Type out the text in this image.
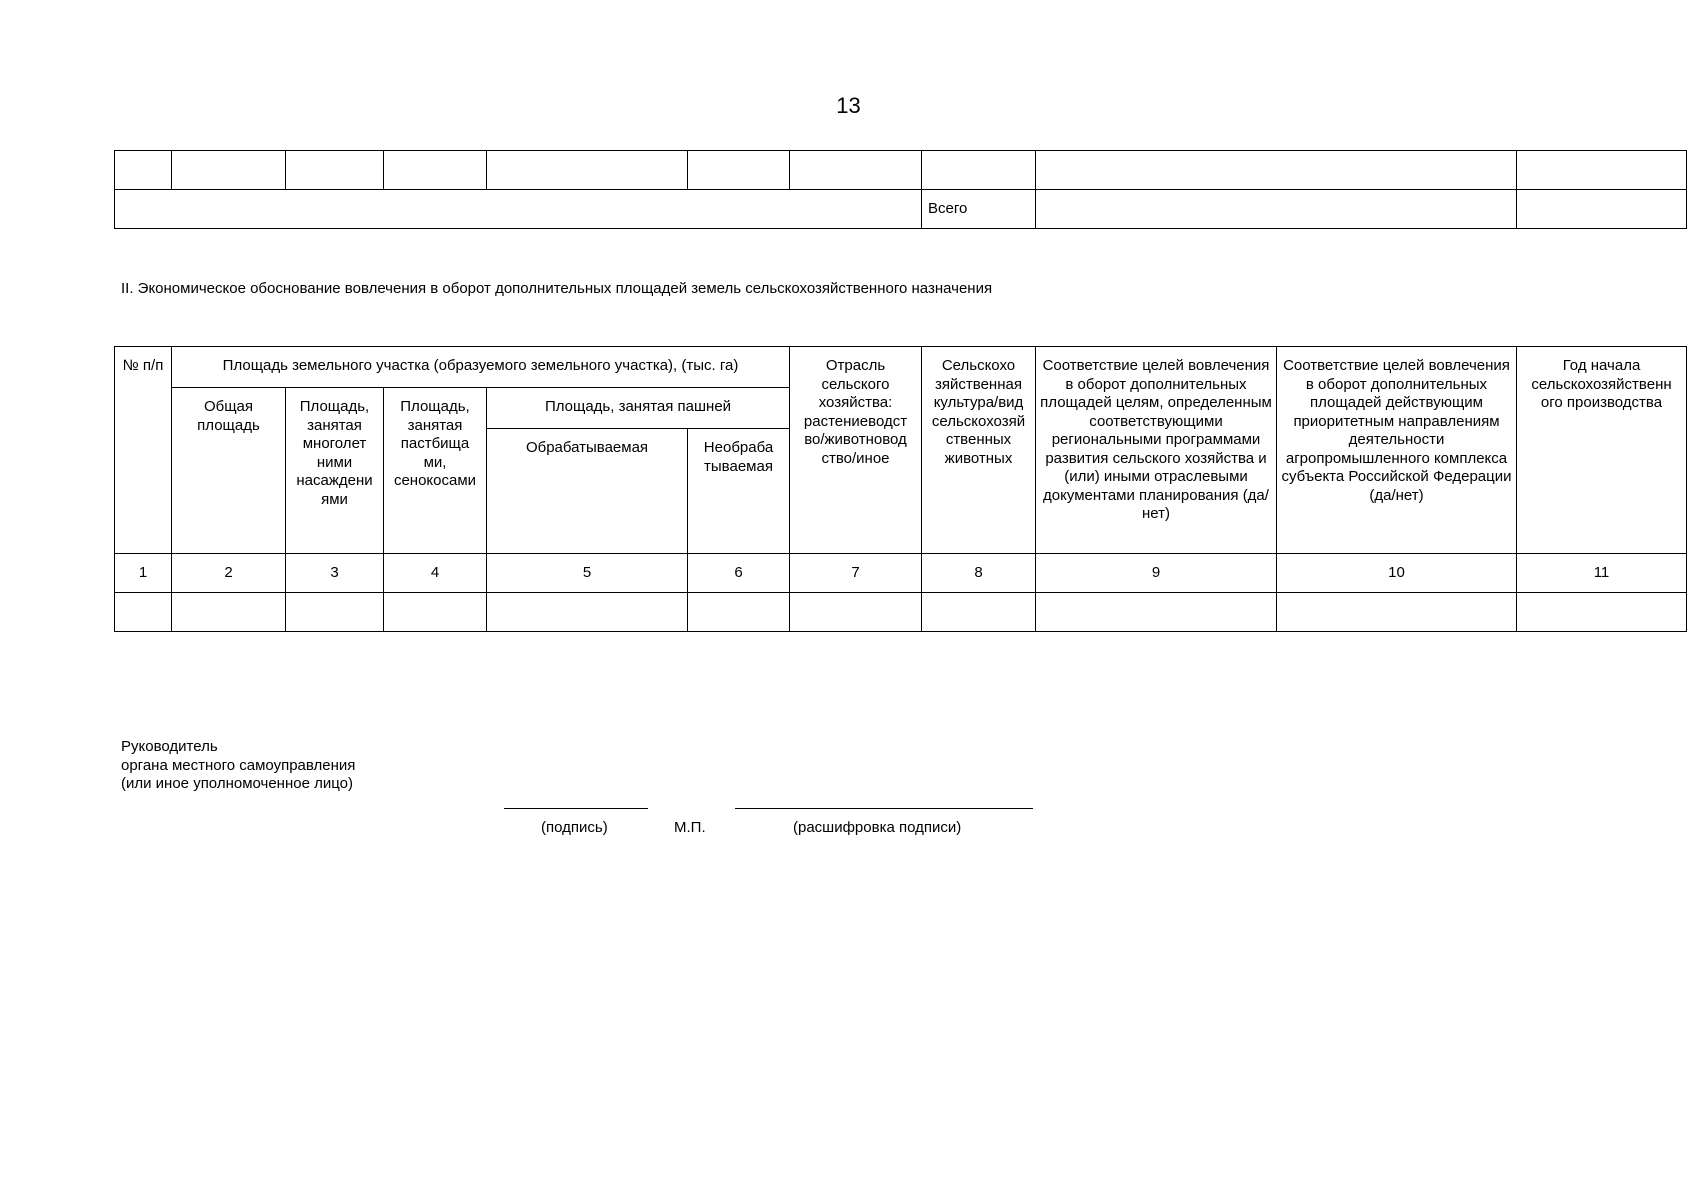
13

							Всего		
II. Экономическое обоснование вовлечения в оборот дополнительных площадей земель сельскохозяйственного назначения
№ п/п	Площадь земельного участка (образуемого земельного участка), (тыс. га)					Отрасль сельского хозяйства: растениеводст во/животновод ство/иное	Сельскохо зяйственная культура/вид сельскохозяй ственных животных	Соответствие целей вовлечения в оборот дополнительных площадей целям, определенным соответствующими региональными программами развития сельского хозяйства и (или) иными отраслевыми документами планирования (да/нет)	Соответствие целей вовлечения в оборот дополнительных площадей действующим приоритетным направлениям деятельности агропромышленного комплекса субъекта Российской Федерации (да/нет)	Год начала сельскохозяйственн ого производства
	Общая площадь	Площадь, занятая многолет ними насаждени ями	Площадь, занятая пастбища ми, сенокосами	Площадь, занятая пашней						
				Обрабатываемая	Необраба тываемая					
1	2	3	4	5	6	7	8	9	10	11

Руководитель
органа местного самоуправления
(или иное уполномоченное лицо)
(подпись)	М.П.	(расшифровка подписи)
